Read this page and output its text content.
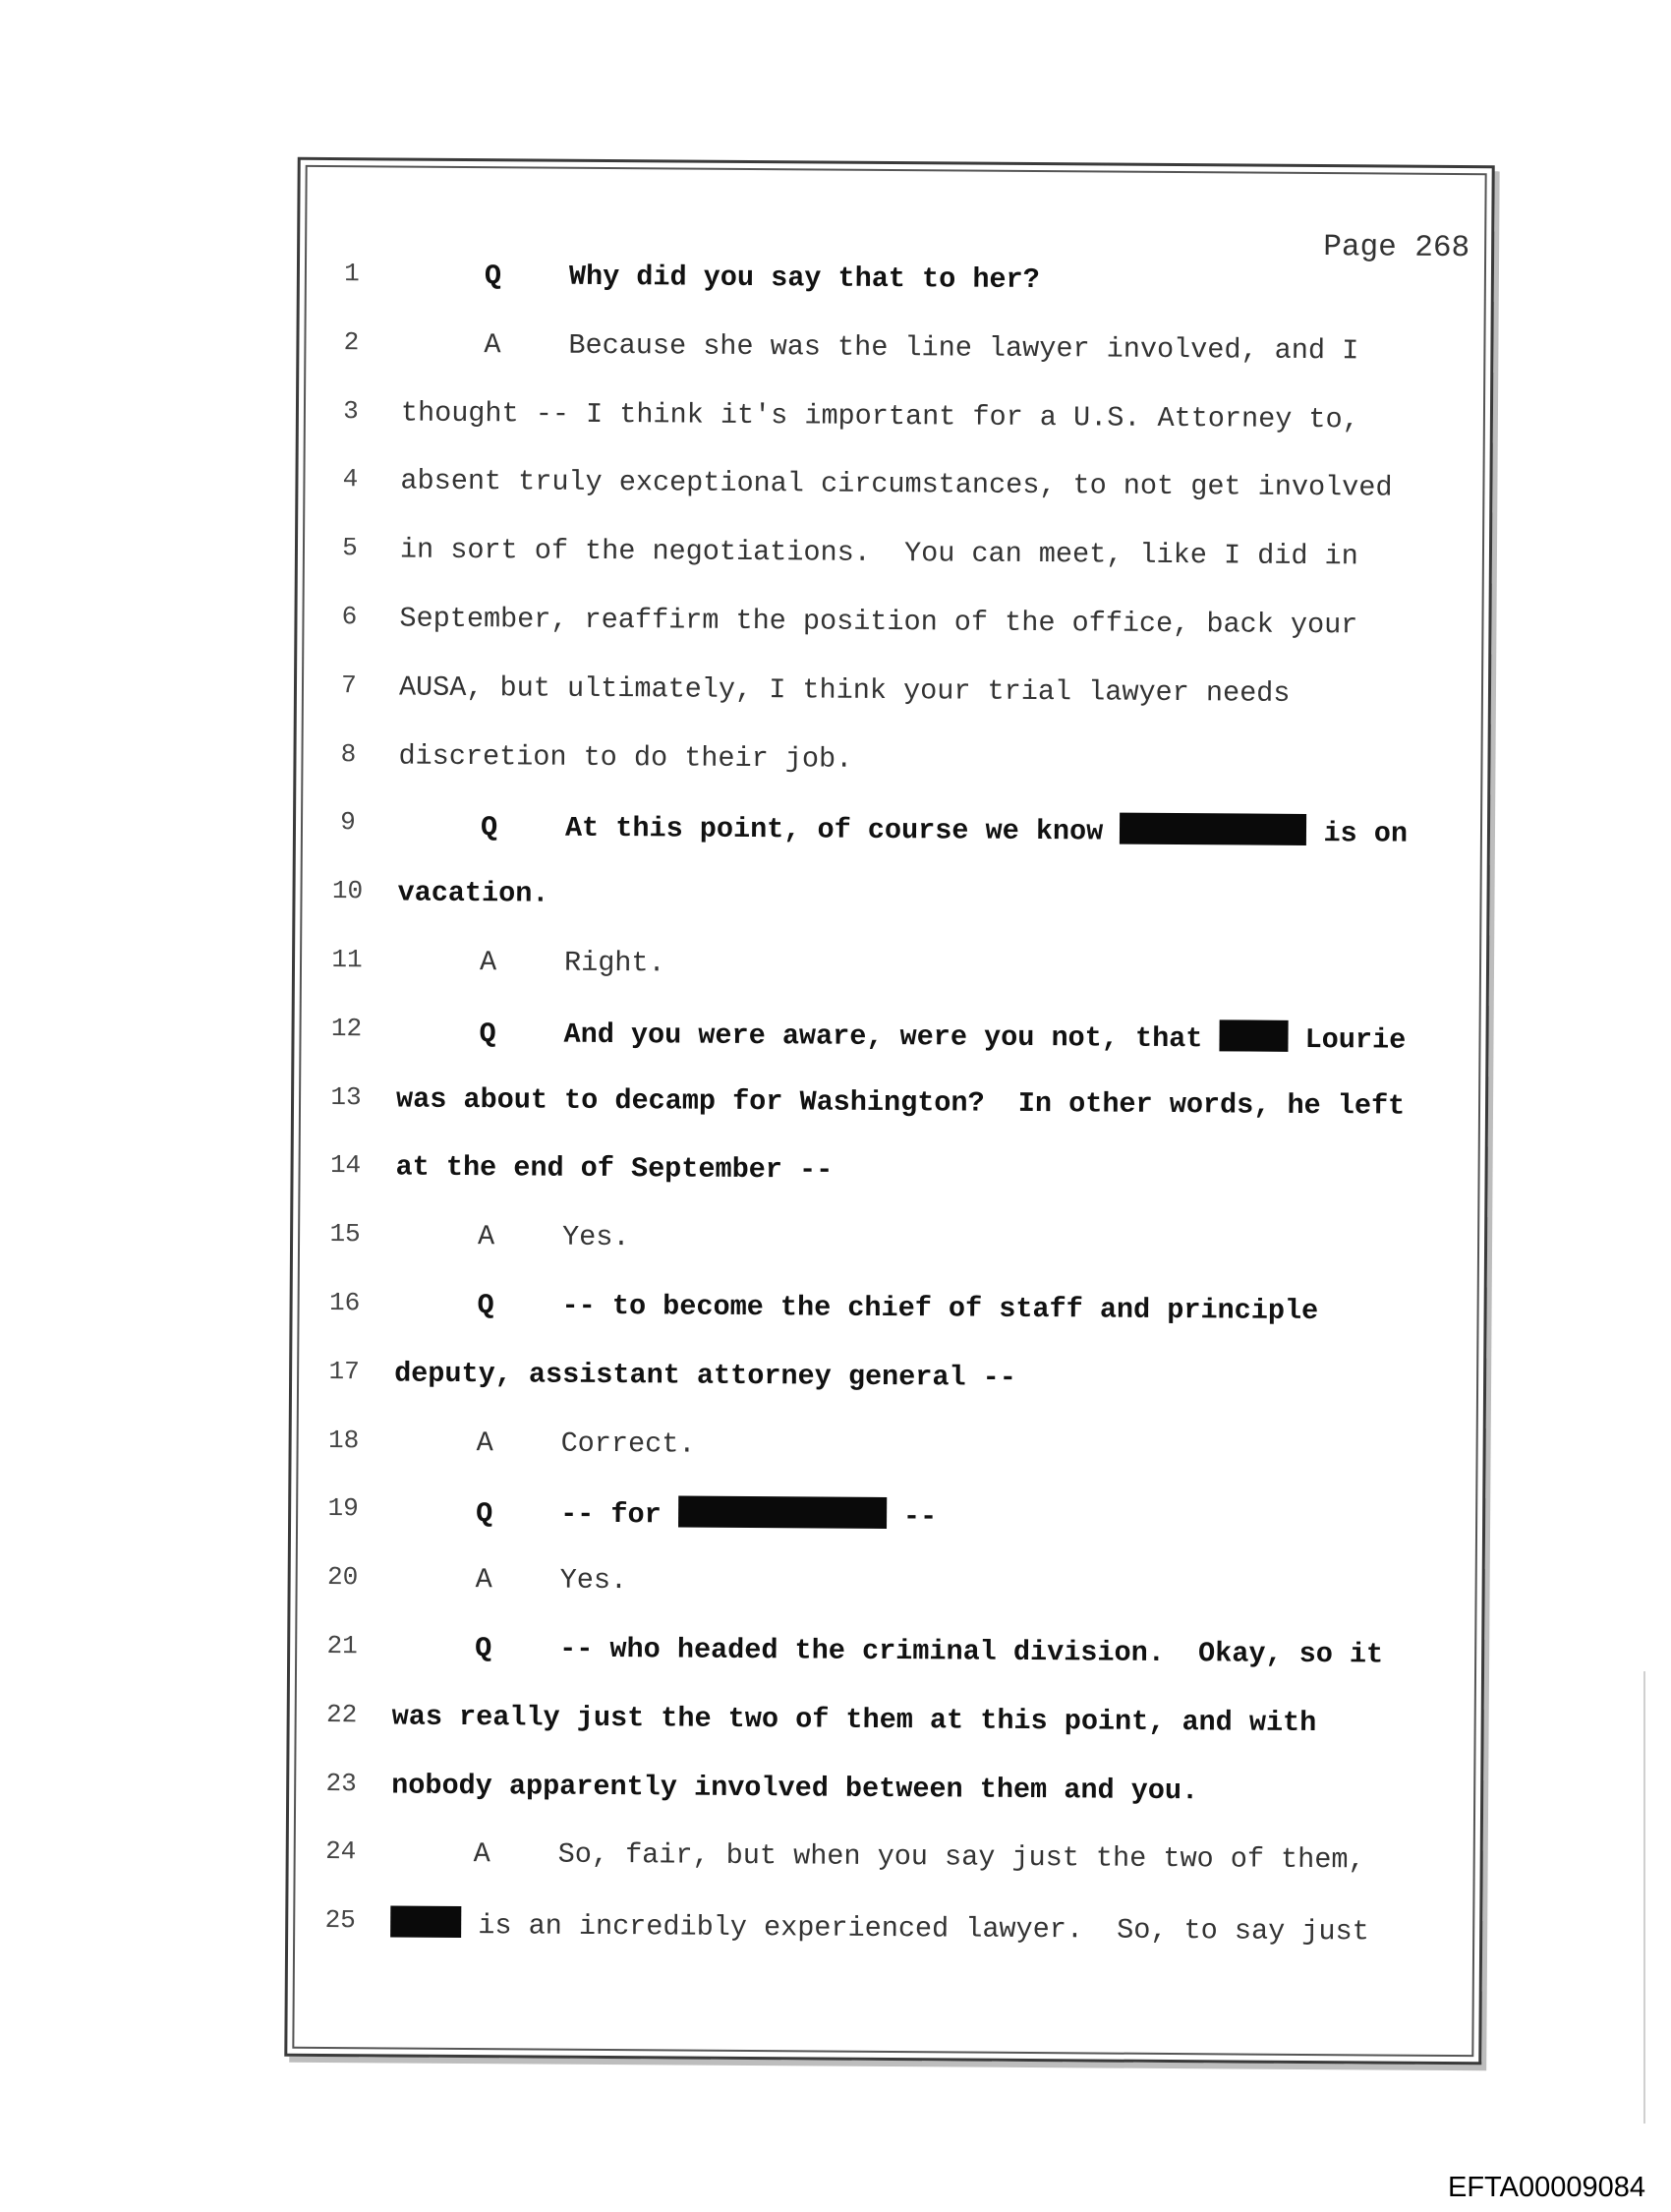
Page 268
1	Q Why did you say that to her?
2	A Because she was the line lawyer involved, and I
3	thought -- I think it's important for a U.S. Attorney to,
4	absent truly exceptional circumstances, to not get involved
5	in sort of the negotiations.  You can meet, like I did in
6	September, reaffirm the position of the office, back your
7	AUSA, but ultimately, I think your trial lawyer needs
8	discretion to do their job.
9	Q At this point, of course we know	is on
10 vacation.
11	A Right.
12	Q And you were aware, were you not, that  Lourie
13 was about to decamp for Washington?  In other words, he left
14 at the end of September --
15	A Yes.
16	Q -- to become the chief of staff and principle
17 deputy, assistant attorney general --
18	A Correct.
19	Q -- for	--
20	A Yes.
21	Q -- who headed the criminal division.  Okay, so it
22 was really just the two of them at this point, and with
23 nobody apparently involved between them and you.
24	A So, fair, but when you say just the two of them,
25	is an incredibly experienced lawyer.  So, to say just
EFTA00009084
